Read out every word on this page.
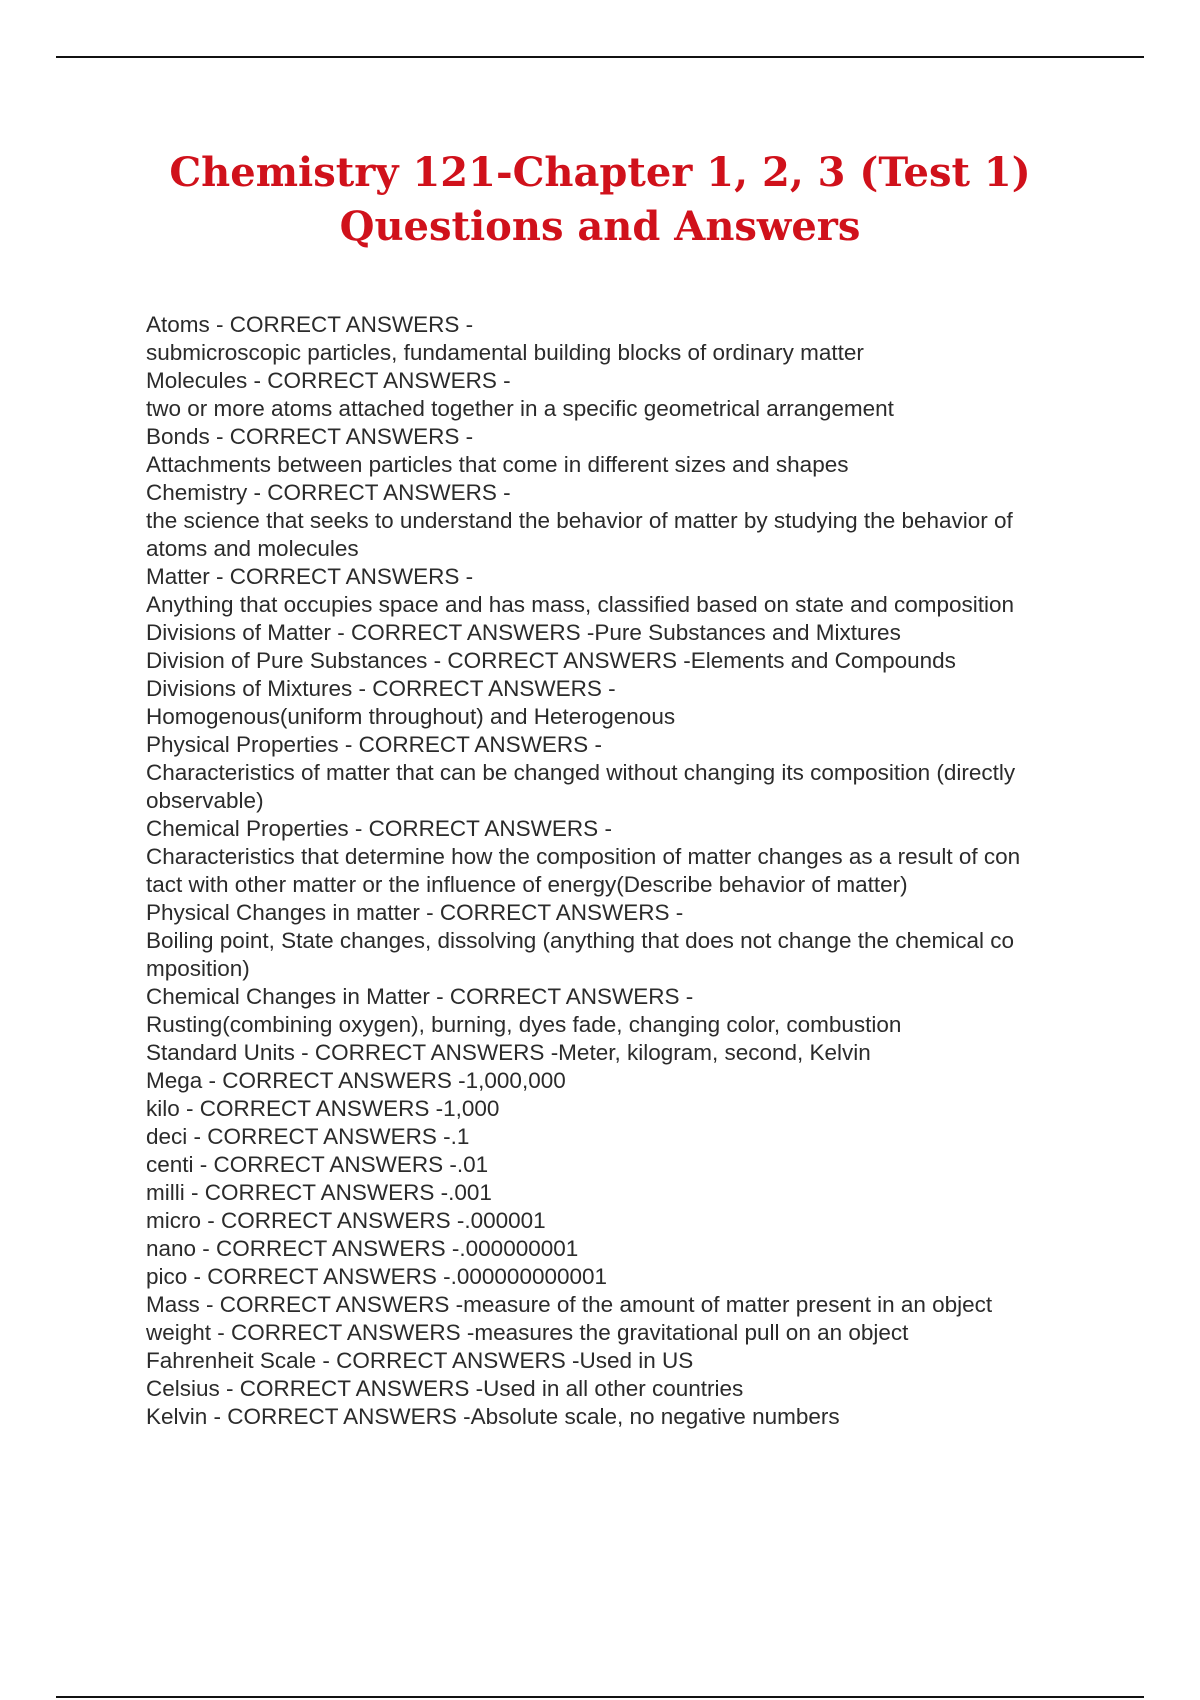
Chemistry 121-Chapter 1, 2, 3 (Test 1)
Questions and Answers
Atoms - CORRECT ANSWERS -
submicroscopic particles, fundamental building blocks of ordinary matter
Molecules - CORRECT ANSWERS -
two or more atoms attached together in a specific geometrical arrangement
Bonds - CORRECT ANSWERS -
Attachments between particles that come in different sizes and shapes
Chemistry - CORRECT ANSWERS -
the science that seeks to understand the behavior of matter by studying the behavior of
atoms and molecules
Matter - CORRECT ANSWERS -
Anything that occupies space and has mass, classified based on state and composition
Divisions of Matter - CORRECT ANSWERS -Pure Substances and Mixtures
Division of Pure Substances - CORRECT ANSWERS -Elements and Compounds
Divisions of Mixtures - CORRECT ANSWERS -
Homogenous(uniform throughout) and Heterogenous
Physical Properties - CORRECT ANSWERS -
Characteristics of matter that can be changed without changing its composition (directly
observable)
Chemical Properties - CORRECT ANSWERS -
Characteristics that determine how the composition of matter changes as a result of con
tact with other matter or the influence of energy(Describe behavior of matter)
Physical Changes in matter - CORRECT ANSWERS -
Boiling point, State changes, dissolving (anything that does not change the chemical co
mposition)
Chemical Changes in Matter - CORRECT ANSWERS -
Rusting(combining oxygen), burning, dyes fade, changing color, combustion
Standard Units - CORRECT ANSWERS -Meter, kilogram, second, Kelvin
Mega - CORRECT ANSWERS -1,000,000
kilo - CORRECT ANSWERS -1,000
deci - CORRECT ANSWERS -.1
centi - CORRECT ANSWERS -.01
milli - CORRECT ANSWERS -.001
micro - CORRECT ANSWERS -.000001
nano - CORRECT ANSWERS -.000000001
pico - CORRECT ANSWERS -.000000000001
Mass - CORRECT ANSWERS -measure of the amount of matter present in an object
weight - CORRECT ANSWERS -measures the gravitational pull on an object
Fahrenheit Scale - CORRECT ANSWERS -Used in US
Celsius - CORRECT ANSWERS -Used in all other countries
Kelvin - CORRECT ANSWERS -Absolute scale, no negative numbers
